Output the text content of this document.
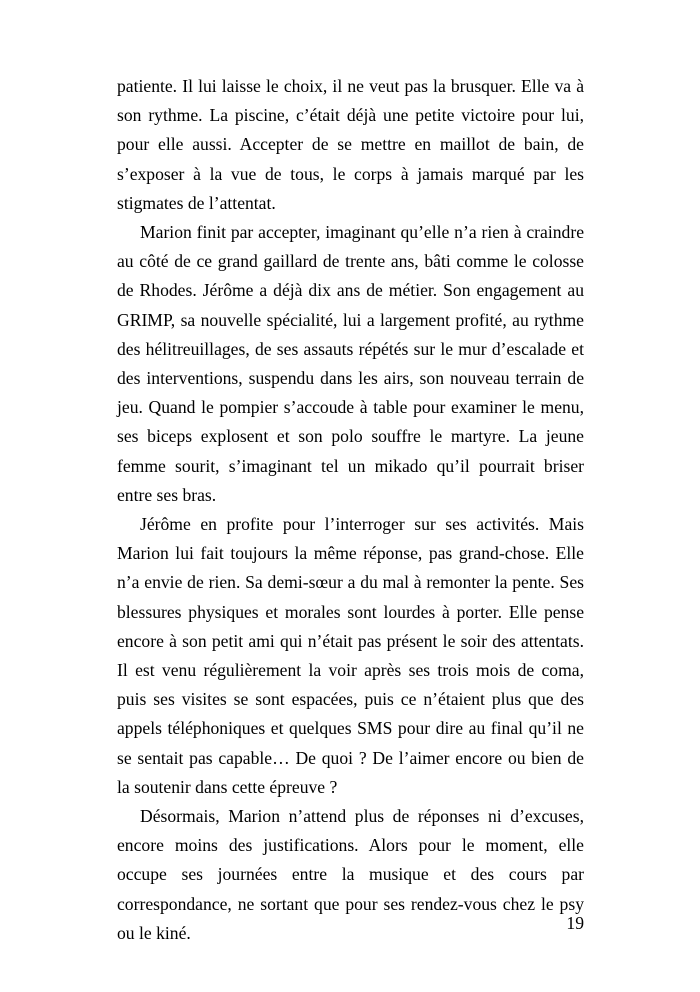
patiente. Il lui laisse le choix, il ne veut pas la brusquer. Elle va à son rythme. La piscine, c’était déjà une petite victoire pour lui, pour elle aussi. Accepter de se mettre en maillot de bain, de s’exposer à la vue de tous, le corps à jamais marqué par les stigmates de l’attentat.

Marion finit par accepter, imaginant qu’elle n’a rien à craindre au côté de ce grand gaillard de trente ans, bâti comme le colosse de Rhodes. Jérôme a déjà dix ans de métier. Son engagement au GRIMP, sa nouvelle spécialité, lui a largement profité, au rythme des hélitreuillages, de ses assauts répétés sur le mur d’escalade et des interventions, suspendu dans les airs, son nouveau terrain de jeu. Quand le pompier s’accoude à table pour examiner le menu, ses biceps explosent et son polo souffre le martyre. La jeune femme sourit, s’imaginant tel un mikado qu’il pourrait briser entre ses bras.

Jérôme en profite pour l’interroger sur ses activités. Mais Marion lui fait toujours la même réponse, pas grand-chose. Elle n’a envie de rien. Sa demi-sœur a du mal à remonter la pente. Ses blessures physiques et morales sont lourdes à porter. Elle pense encore à son petit ami qui n’était pas présent le soir des attentats. Il est venu régulièrement la voir après ses trois mois de coma, puis ses visites se sont espacées, puis ce n’étaient plus que des appels téléphoniques et quelques SMS pour dire au final qu’il ne se sentait pas capable… De quoi ? De l’aimer encore ou bien de la soutenir dans cette épreuve ?

Désormais, Marion n’attend plus de réponses ni d’excuses, encore moins des justifications. Alors pour le moment, elle occupe ses journées entre la musique et des cours par correspondance, ne sortant que pour ses rendez-vous chez le psy ou le kiné.	19
